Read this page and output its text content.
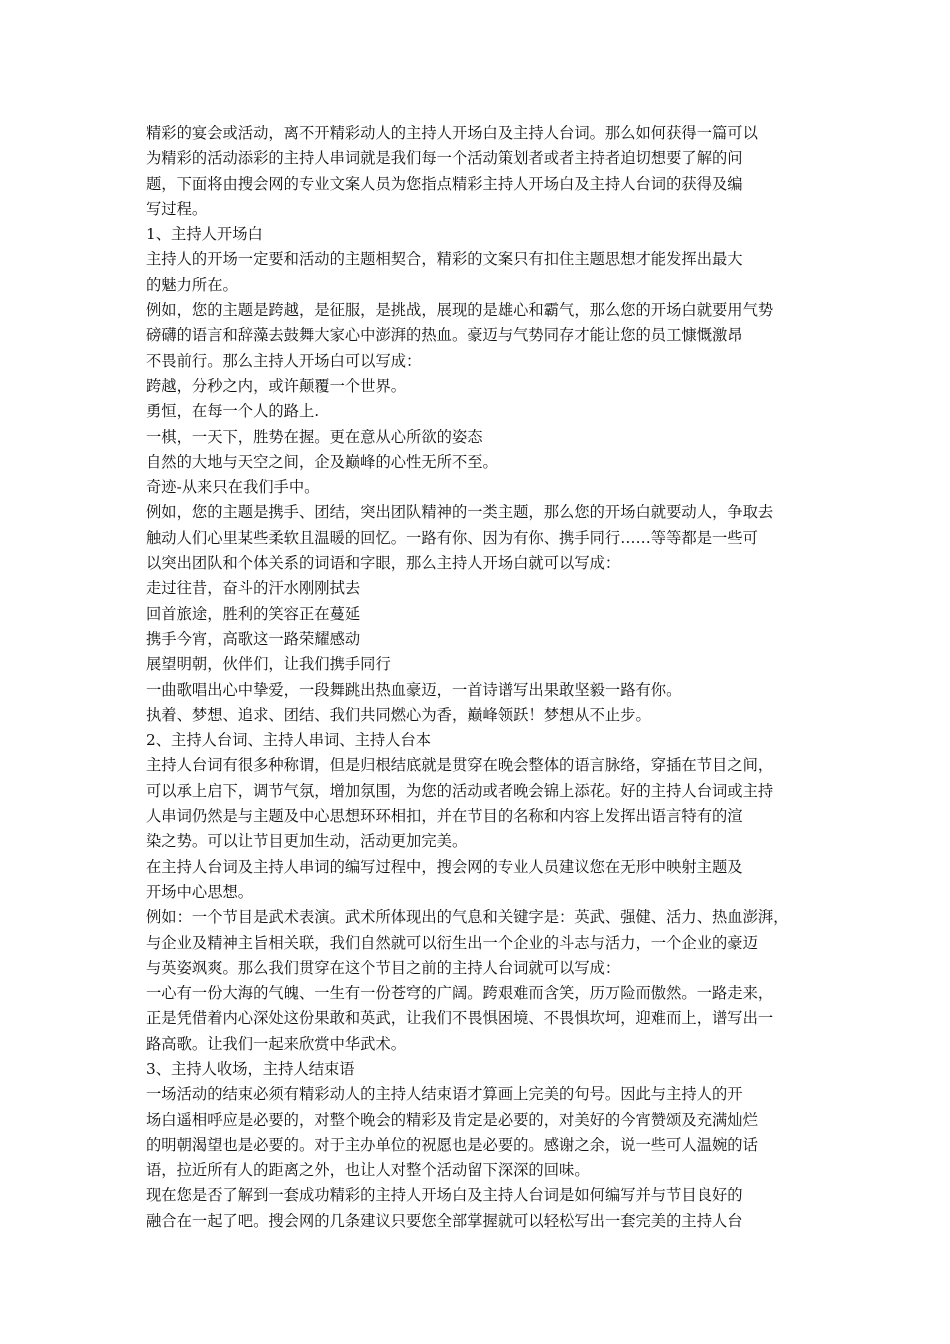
精彩的宴会或活动，离不开精彩动人的主持人开场白及主持人台词。那么如何获得一篇可以
为精彩的活动添彩的主持人串词就是我们每一个活动策划者或者主持者迫切想要了解的问
题，下面将由搜会网的专业文案人员为您指点精彩主持人开场白及主持人台词的获得及编
写过程。
1、主持人开场白
主持人的开场一定要和活动的主题相契合，精彩的文案只有扣住主题思想才能发挥出最大
的魅力所在。
例如，您的主题是跨越，是征服，是挑战，展现的是雄心和霸气，那么您的开场白就要用气势
磅礴的语言和辞藻去鼓舞大家心中澎湃的热血。豪迈与气势同存才能让您的员工慷慨激昂
不畏前行。那么主持人开场白可以写成：
跨越，分秒之内，或许颠覆一个世界。
勇恒，在每一个人的路上.
一棋，一天下，胜势在握。更在意从心所欲的姿态
自然的大地与天空之间，企及巅峰的心性无所不至。
奇迹-从来只在我们手中。
例如，您的主题是携手、团结，突出团队精神的一类主题，那么您的开场白就要动人，争取去
触动人们心里某些柔软且温暖的回忆。一路有你、因为有你、携手同行……等等都是一些可
以突出团队和个体关系的词语和字眼，那么主持人开场白就可以写成：
走过往昔，奋斗的汗水刚刚拭去
回首旅途，胜利的笑容正在蔓延
携手今宵，高歌这一路荣耀感动
展望明朝，伙伴们，让我们携手同行
一曲歌唱出心中挚爱，一段舞跳出热血豪迈，一首诗谱写出果敢坚毅一路有你。
执着、梦想、追求、团结、我们共同燃心为香，巅峰领跃！梦想从不止步。
2、主持人台词、主持人串词、主持人台本
主持人台词有很多种称谓，但是归根结底就是贯穿在晚会整体的语言脉络，穿插在节目之间，
可以承上启下，调节气氛，增加氛围，为您的活动或者晚会锦上添花。好的主持人台词或主持
人串词仍然是与主题及中心思想环环相扣，并在节目的名称和内容上发挥出语言特有的渲
染之势。可以让节目更加生动，活动更加完美。
在主持人台词及主持人串词的编写过程中，搜会网的专业人员建议您在无形中映射主题及
开场中心思想。
例如：一个节目是武术表演。武术所体现出的气息和关键字是：英武、强健、活力、热血澎湃，
与企业及精神主旨相关联，我们自然就可以衍生出一个企业的斗志与活力，一个企业的豪迈
与英姿飒爽。那么我们贯穿在这个节目之前的主持人台词就可以写成：
一心有一份大海的气魄、一生有一份苍穹的广阔。跨艰难而含笑，历万险而傲然。一路走来，
正是凭借着内心深处这份果敢和英武，让我们不畏惧困境、不畏惧坎坷，迎难而上，谱写出一
路高歌。让我们一起来欣赏中华武术。
3、主持人收场，主持人结束语
一场活动的结束必须有精彩动人的主持人结束语才算画上完美的句号。因此与主持人的开
场白遥相呼应是必要的，对整个晚会的精彩及肯定是必要的，对美好的今宵赞颂及充满灿烂
的明朝渴望也是必要的。对于主办单位的祝愿也是必要的。感谢之余，说一些可人温婉的话
语，拉近所有人的距离之外，也让人对整个活动留下深深的回味。
现在您是否了解到一套成功精彩的主持人开场白及主持人台词是如何编写并与节目良好的
融合在一起了吧。搜会网的几条建议只要您全部掌握就可以轻松写出一套完美的主持人台
